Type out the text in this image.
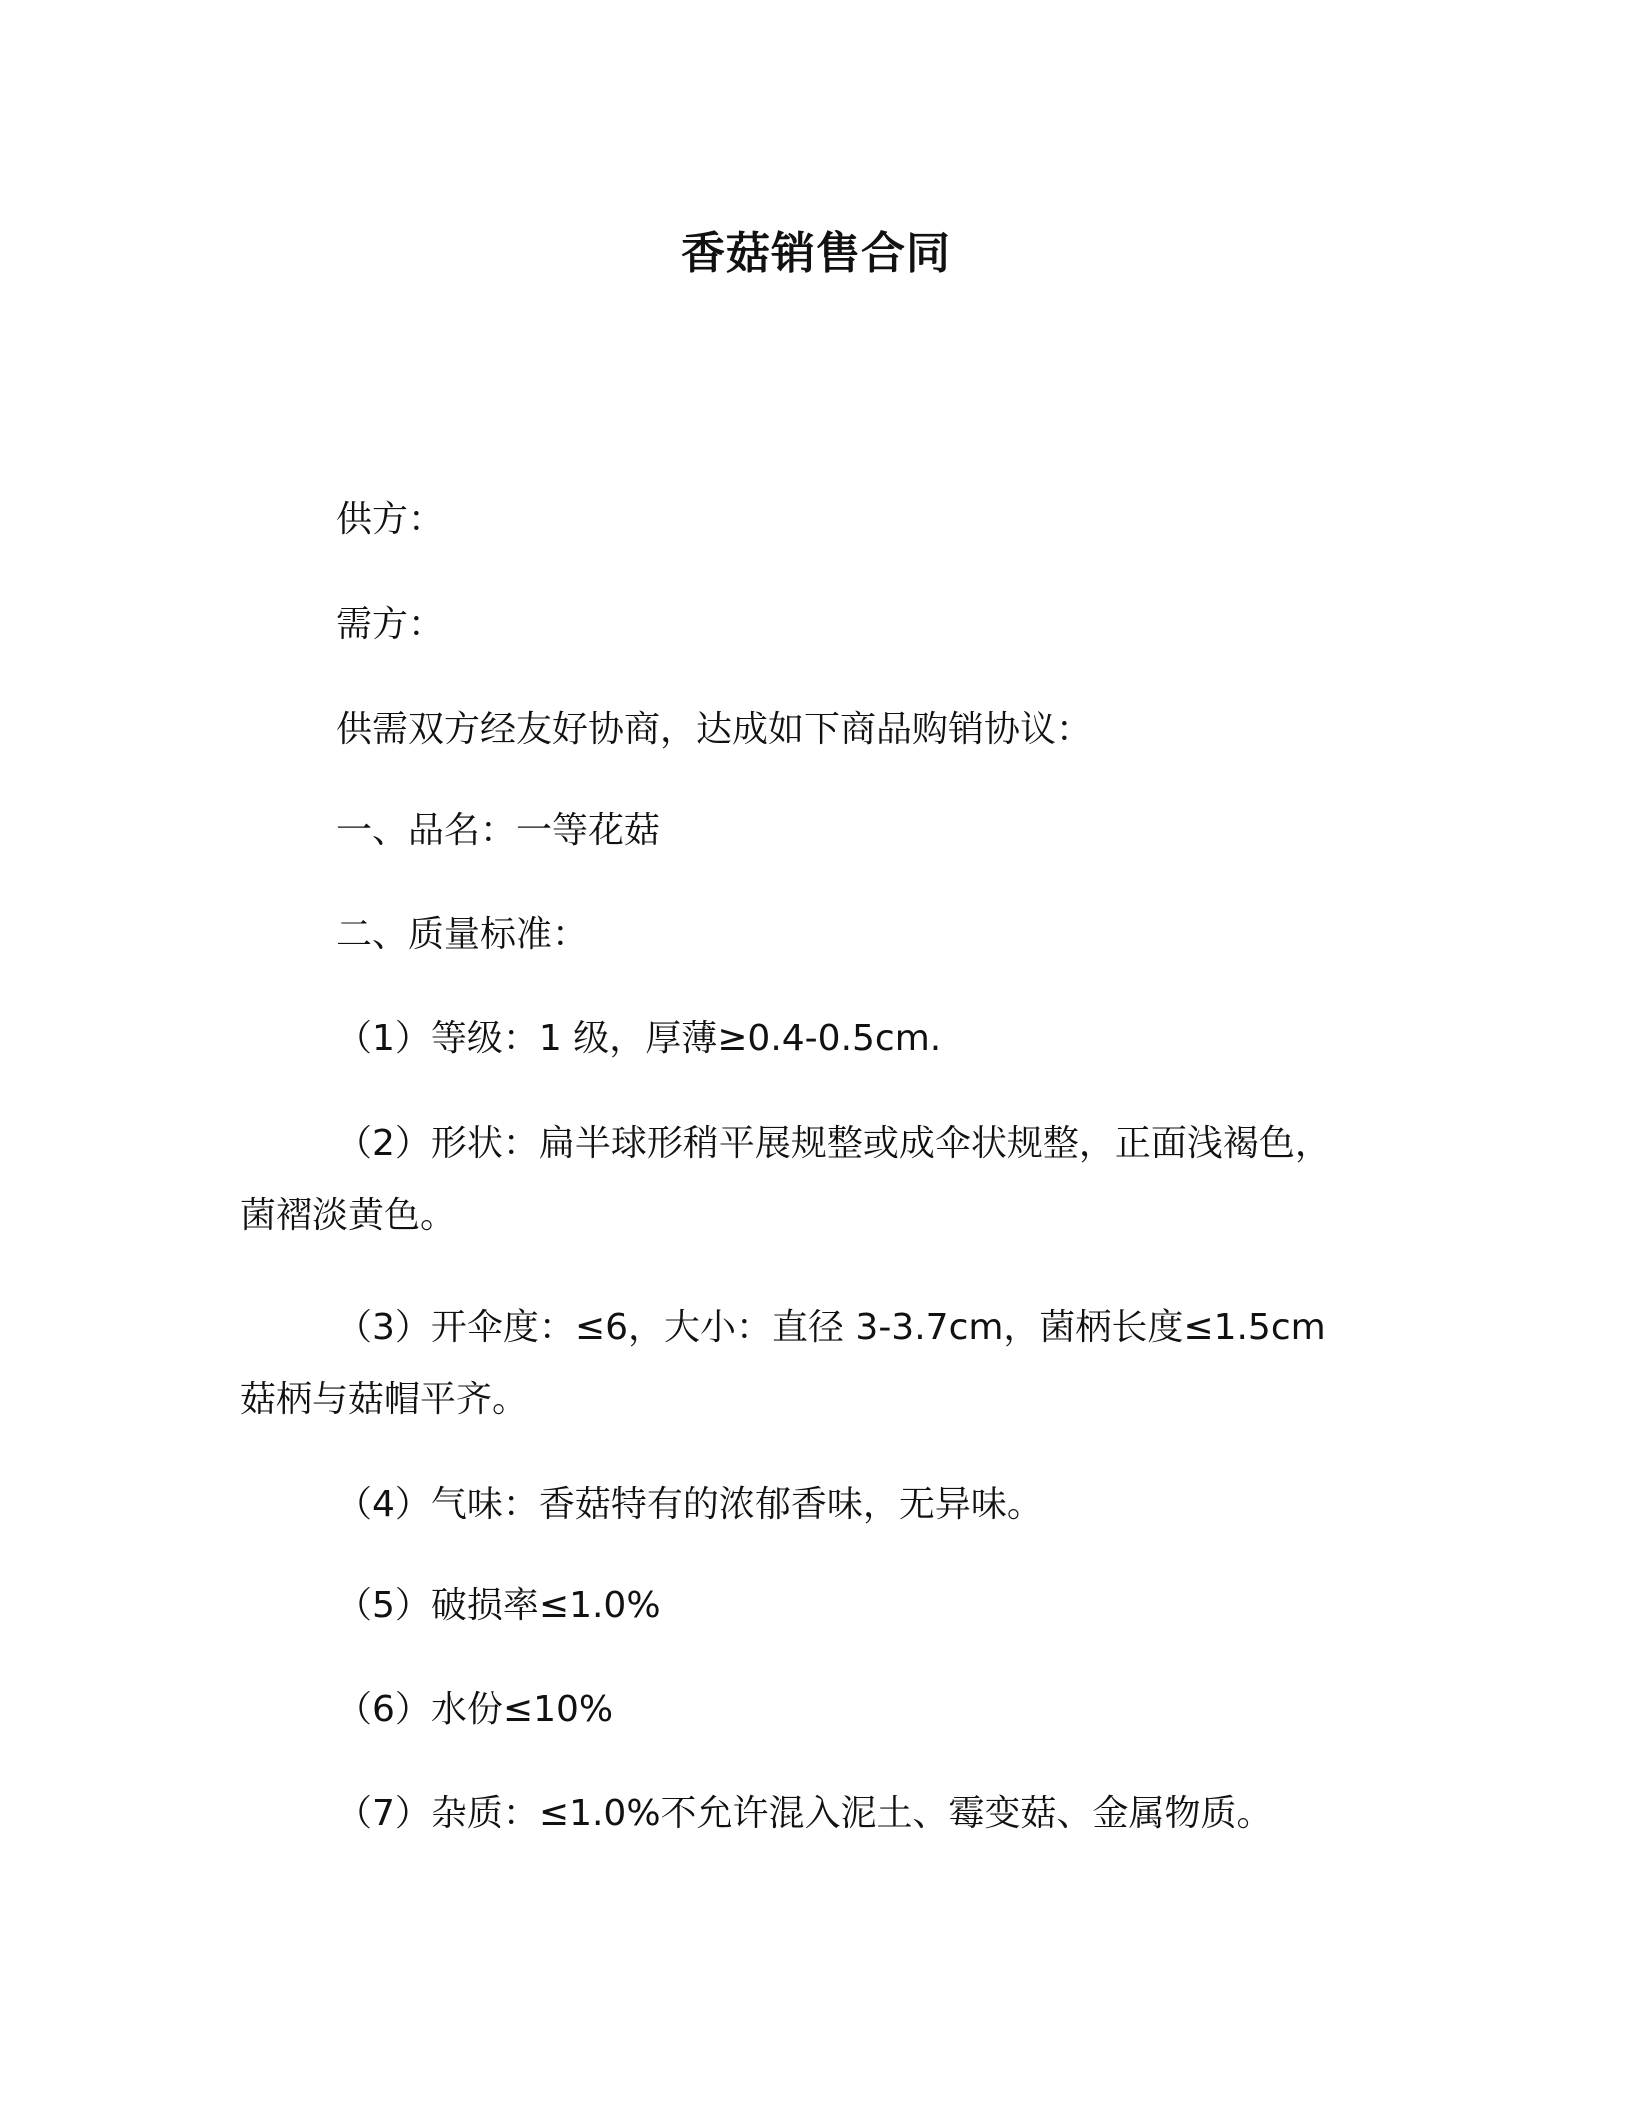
香菇销售合同
供方：
需方：
供需双方经友好协商，达成如下商品购销协议：
一、品名：一等花菇
二、质量标准：
（1）等级：1 级，厚薄≥0.4-0.5cm.
（2）形状：扁半球形稍平展规整或成伞状规整，正面浅褐色，菌褶淡黄色。
（3）开伞度：≤6，大小：直径 3-3.7cm，菌柄长度≤1.5cm 菇柄与菇帽平齐。
（4）气味：香菇特有的浓郁香味，无异味。
（5）破损率≤1.0%
（6）水份≤10%
（7）杂质：≤1.0%不允许混入泥土、霉变菇、金属物质。
